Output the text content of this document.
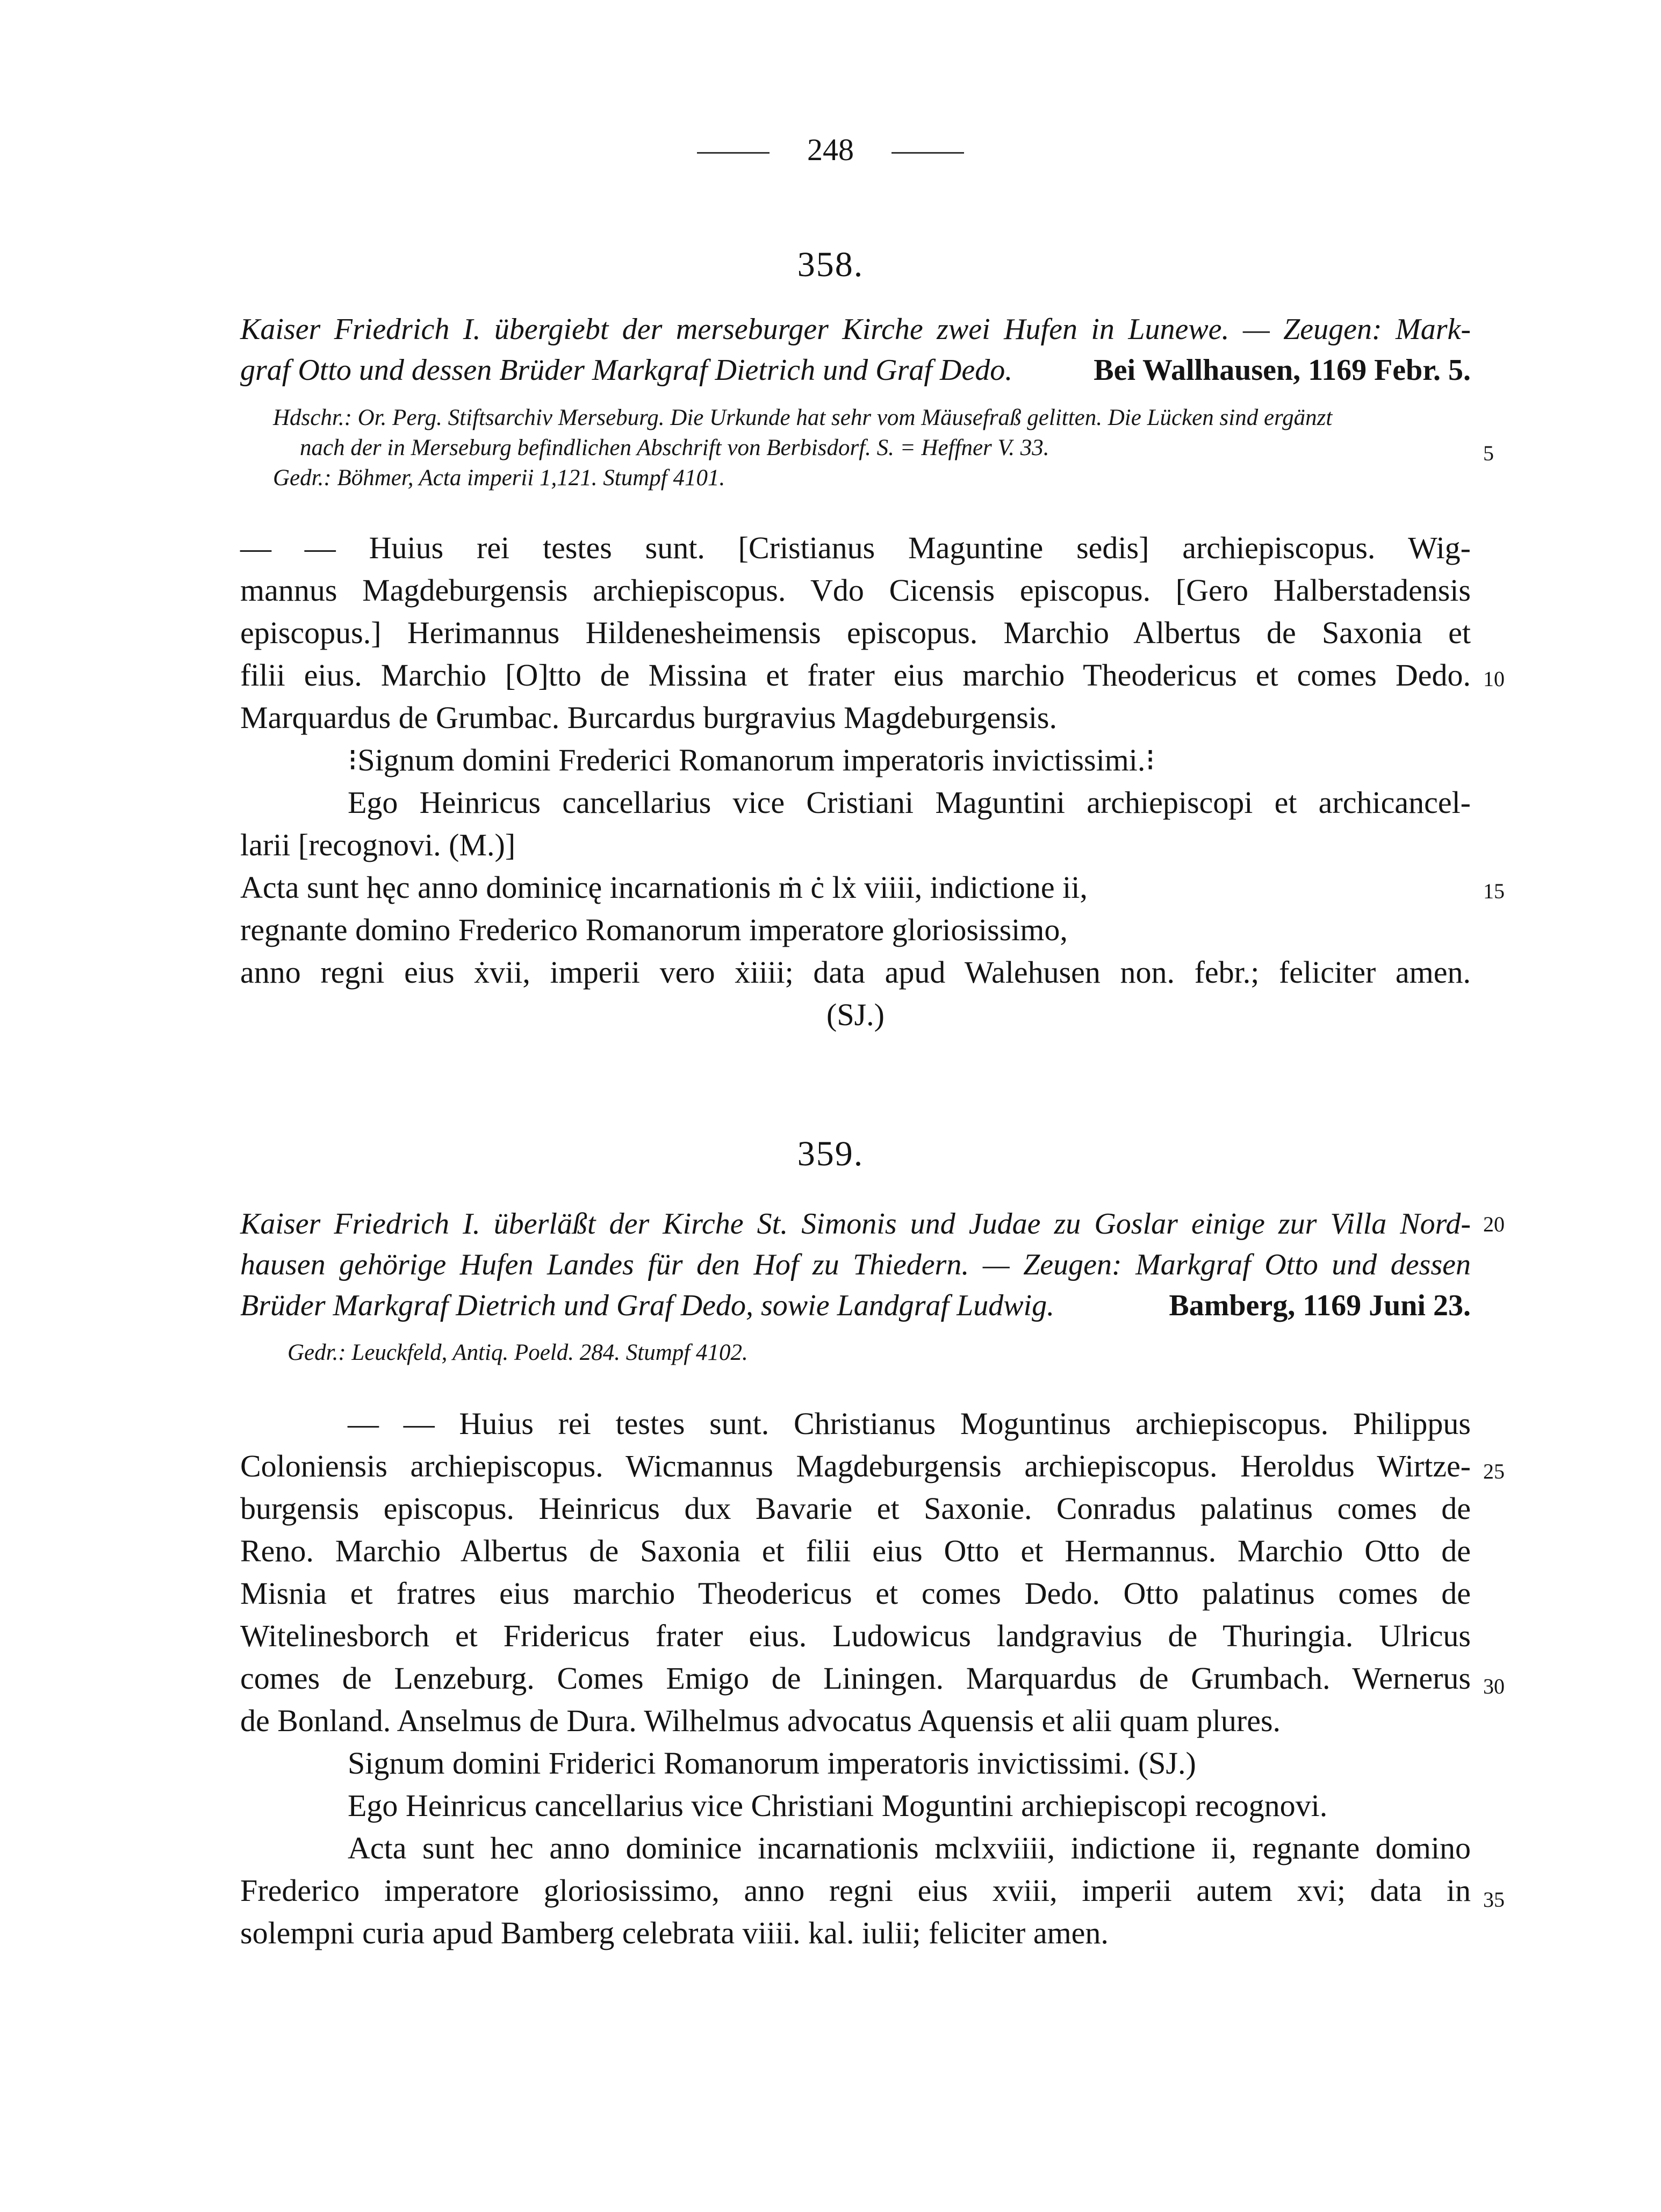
248
358.
Kaiser Friedrich I. übergiebt der merseburger Kirche zwei Hufen in Lunewe. — Zeugen: Mark-
graf Otto und dessen Brüder Markgraf Dietrich und Graf Dedo.	Bei Wallhausen, 1169 Febr. 5.
Hdschr.: Or. Perg. Stiftsarchiv Merseburg. Die Urkunde hat sehr vom Mäusefraß gelitten. Die Lücken sind ergänzt
nach der in Merseburg befindlichen Abschrift von Berbisdorf. S. = Heffner V. 33.
Gedr.: Böhmer, Acta imperii 1,121. Stumpf 4101.
— — Huius rei testes sunt. [Cristianus Maguntine sedis] archiepiscopus. Wig-
mannus Magdeburgensis archiepiscopus. Vdo Cicensis episcopus. [Gero Halberstadensis
episcopus.] Herimannus Hildenesheimensis episcopus. Marchio Albertus de Saxonia et
filii eius. Marchio [O]tto de Missina et frater eius marchio Theodericus et comes Dedo.
Marquardus de Grumbac. Burcardus burgravius Magdeburgensis.
⁝Signum domini Frederici Romanorum imperatoris invictissimi.⁝
Ego Heinricus cancellarius vice Cristiani Maguntini archiepiscopi et archicancel-
larii [recognovi. (M.)]
Acta sunt hęc anno dominicę incarnationis ṁ ċ lẋ viiii, indictione ii,
regnante domino Frederico Romanorum imperatore gloriosissimo,
anno regni eius ẋvii, imperii vero ẋiiii; data apud Walehusen non. febr.; feliciter amen.
(SJ.)
359.
Kaiser Friedrich I. überläßt der Kirche St. Simonis und Judae zu Goslar einige zur Villa Nord-
hausen gehörige Hufen Landes für den Hof zu Thiedern. — Zeugen: Markgraf Otto und dessen
Brüder Markgraf Dietrich und Graf Dedo, sowie Landgraf Ludwig.	Bamberg, 1169 Juni 23.
Gedr.: Leuckfeld, Antiq. Poeld. 284. Stumpf 4102.
— — Huius rei testes sunt. Christianus Moguntinus archiepiscopus. Philippus
Coloniensis archiepiscopus. Wicmannus Magdeburgensis archiepiscopus. Heroldus Wirtze-
burgensis episcopus. Heinricus dux Bavarie et Saxonie. Conradus palatinus comes de
Reno. Marchio Albertus de Saxonia et filii eius Otto et Hermannus. Marchio Otto de
Misnia et fratres eius marchio Theodericus et comes Dedo. Otto palatinus comes de
Witelinesborch et Fridericus frater eius. Ludowicus landgravius de Thuringia. Ulricus
comes de Lenzeburg. Comes Emigo de Liningen. Marquardus de Grumbach. Wernerus
de Bonland. Anselmus de Dura. Wilhelmus advocatus Aquensis et alii quam plures.
Signum domini Friderici Romanorum imperatoris invictissimi. (SJ.)
Ego Heinricus cancellarius vice Christiani Moguntini archiepiscopi recognovi.
Acta sunt hec anno dominice incarnationis mclxviiii, indictione ii, regnante domino
Frederico imperatore gloriosissimo, anno regni eius xviii, imperii autem xvi; data in
solempni curia apud Bamberg celebrata viiii. kal. iulii; feliciter amen.
5
10
15
20
25
30
35
